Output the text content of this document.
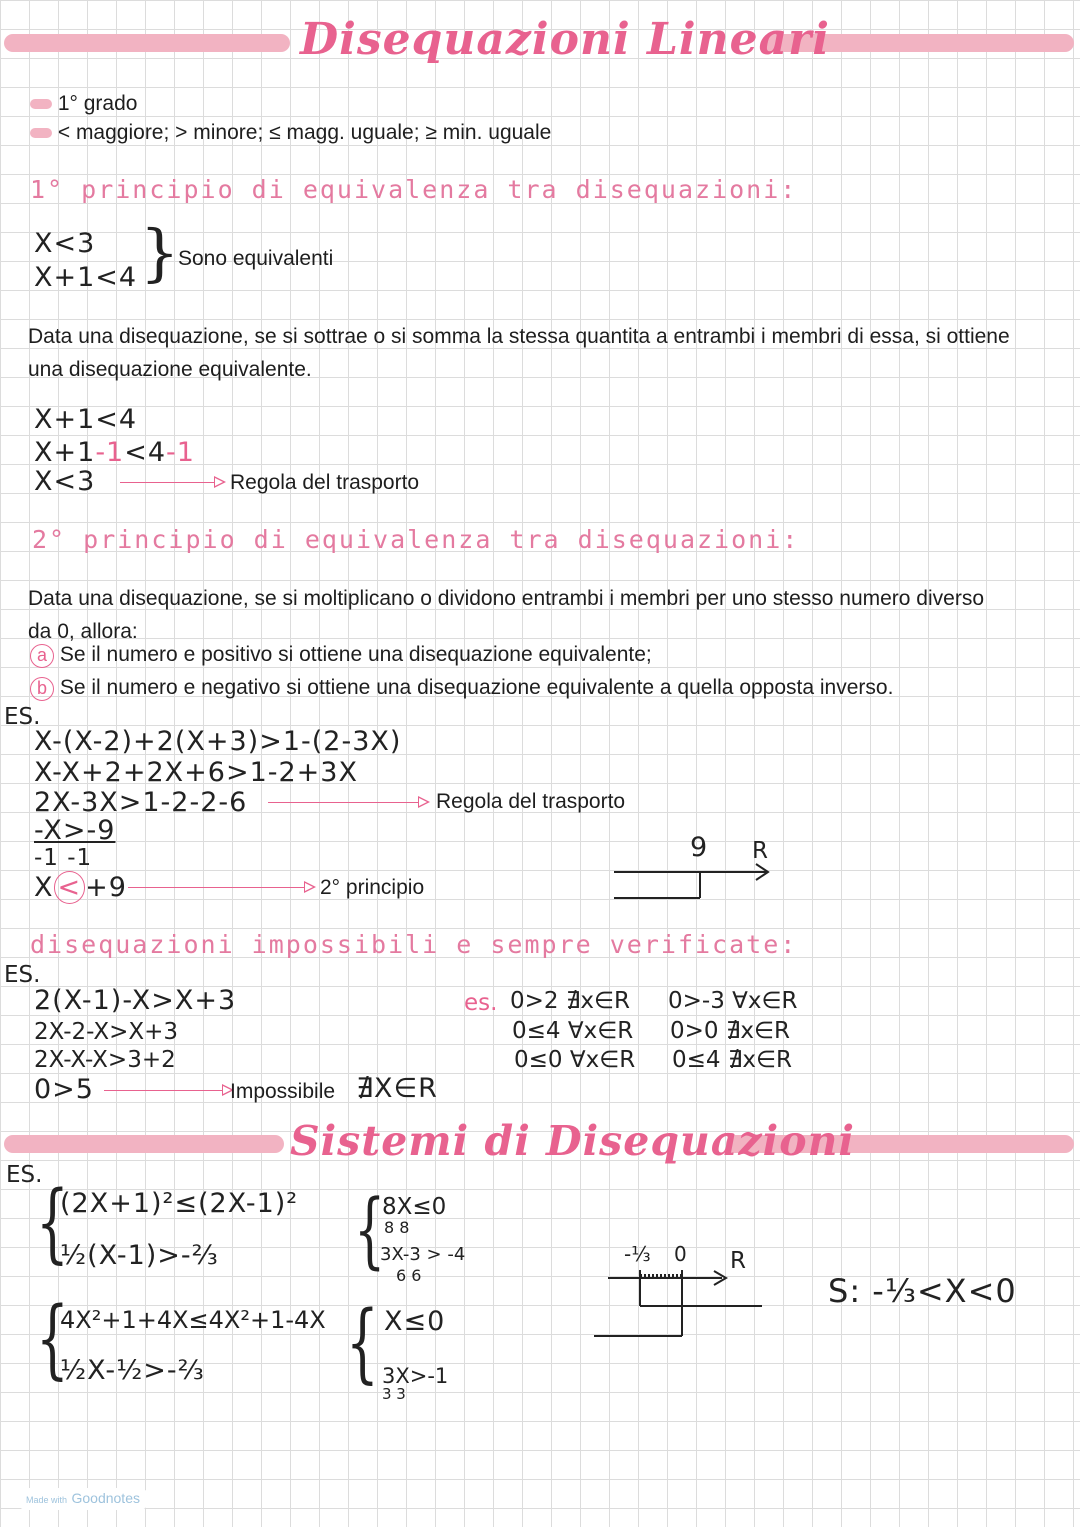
Disequazioni Lineari
1° grado
< maggiore; > minore; ≤ magg. uguale; ≥ min. uguale
1° principio di equivalenza tra disequazioni:
X<3
X+1<4 }
Sono equivalenti
Data una disequazione, se si sottrae o si somma la stessa quantita a entrambi i membri di essa, si ottiene
una disequazione equivalente.
X+1<4
X+1-1<4-1
X<3	Regola del trasporto
2° principio di equivalenza tra disequazioni:
Data una disequazione, se si moltiplicano o dividono entrambi i membri per uno stesso numero diverso
da 0, allora:
a Se il numero e positivo si ottiene una disequazione equivalente;
b Se il numero e negativo si ottiene una disequazione equivalente a quella opposta inverso.
ES.
X-(X-2)+2(X+3)>1-(2-3X)
X-X+2+2X+6>1-2+3X
2X-3X>1-2-2-6	Regola del trasporto
-X>-9
-1 -1
X < +9	2° principio
9 R
disequazioni impossibili e sempre verificate:
ES.
2(X-1)-X>X+3
2X-2-X>X+3
2X-X-X>3+2
0>5	Impossibile ∄X∈R
es. 0>2 ∄x∈R 0>-3 ∀x∈R
0≤4 ∀x∈R 0>0 ∄x∈R
0≤0 ∀x∈R 0≤4 ∄x∈R
Sistemi di Disequazioni
ES.
{
(2X+1)²≤(2X-1)²
½(X-1)>-⅔
{
4X²+1+4X≤4X²+1-4X
½X-½>-⅔
{
8X≤0
8 8
3X-3 > -4
6 6
{ X≤0
3X>-1
3 3
-⅓ 0 R
S: -⅓<X<0
Made with Goodnotes
